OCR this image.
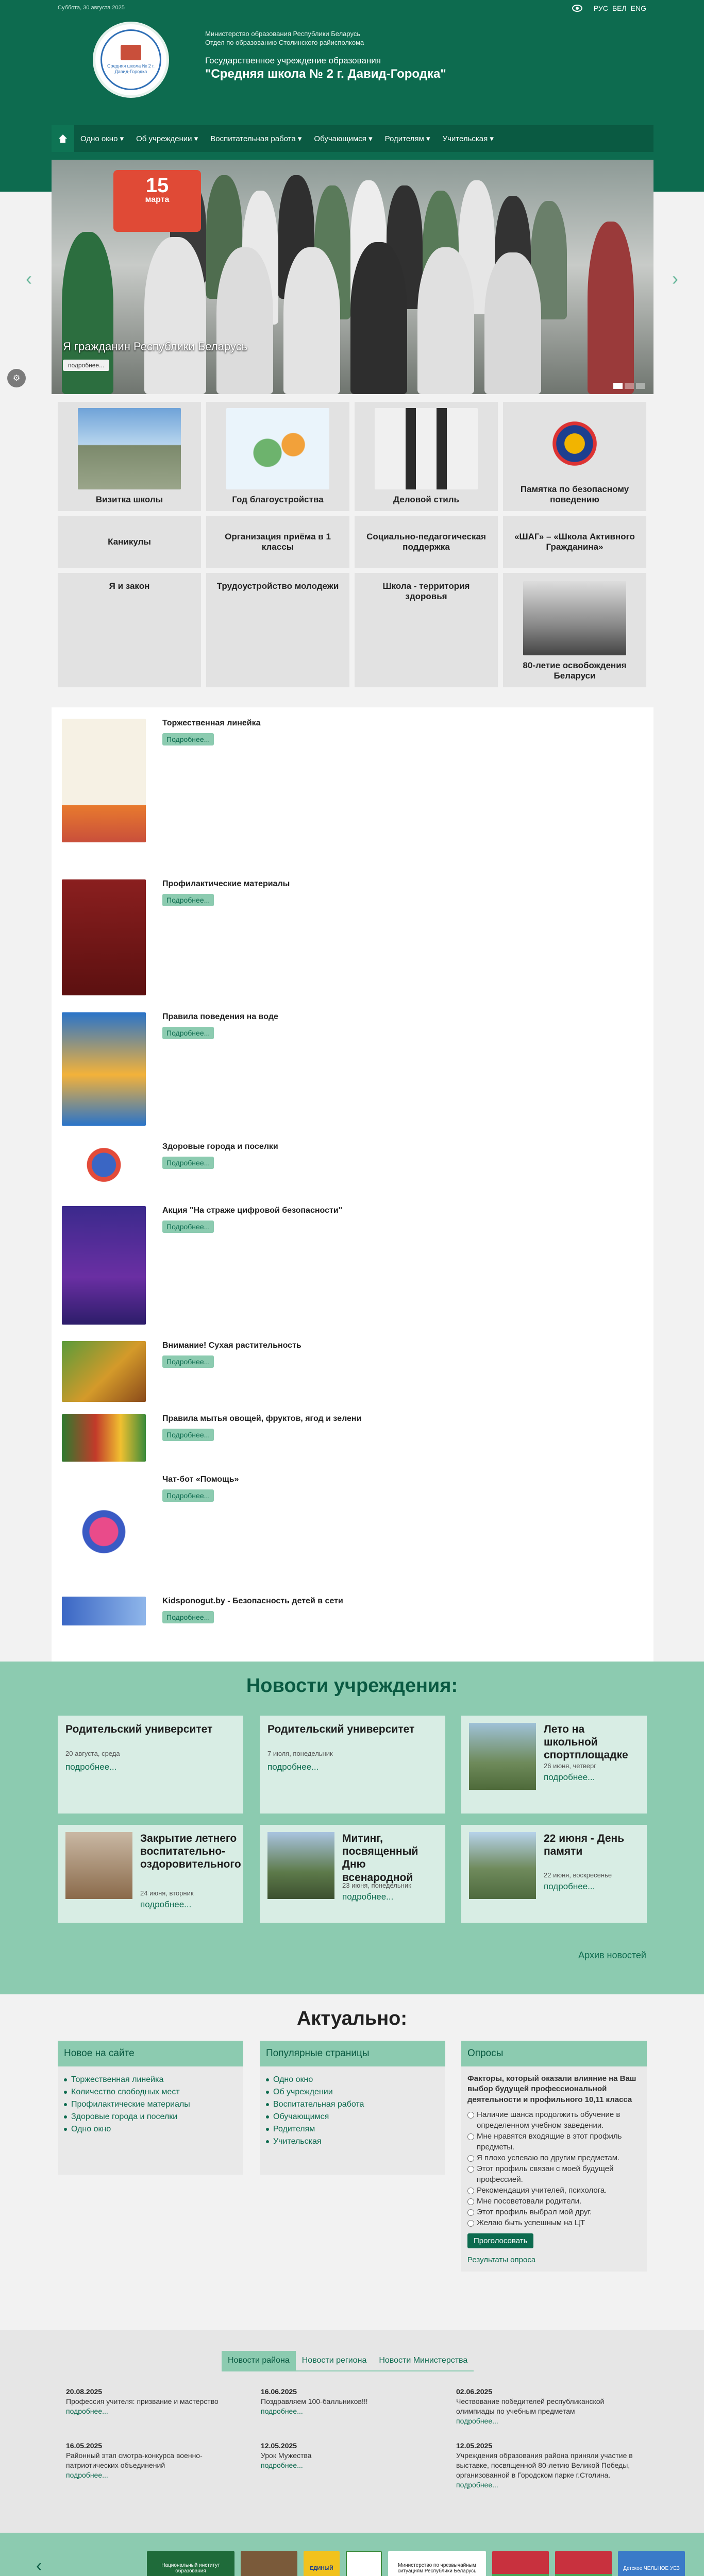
Суббота, 30 августа 2025	РУС БЕЛ ENG
Средняя школа № 2 г. Давид-Городка
Министерство образования Республики Беларусь
Отдел по образованию Столинского райисполкома
Государственное учреждение образования
"Средняя школа № 2 г. Давид-Городка"
Одно окно ▾	Об учреждении ▾	Воспитательная работа ▾	Обучающимся ▾	Родителям ▾	Учительская ▾
⚙
‹	›
15
марта
Я гражданин Республики Беларусь
подробнее...
Визитка школы	Год благоустройства	Деловой стиль
Памятка по безопасному поведению
Каникулы
Организация приёма в 1 классы
Социально-педагогическая поддержка
«ШАГ» – «Школа Активного Гражданина»
Я и закон	Трудоустройство молодежи	Школа - территория здоровья
80-летие освобождения Беларуси
Торжественная линейка
Подробнее...
Профилактические материалы
Подробнее...
Правила поведения на воде
Подробнее...
Здоровые города и поселки
Подробнее...
Акция "На страже цифровой безопасности"
Подробнее...
Внимание! Сухая растительность
Подробнее...
Правила мытья овощей, фруктов, ягод и зелени
Подробнее...
Чат-бот «Помощь»
Подробнее...
Kidsponogut.by - Безопасность детей в сети
Подробнее...
Новости учреждения:
Родительский университет
20 августа, среда
подробнее...
Родительский университет
7 июля, понедельник
подробнее...
Лето на школьной спортплощадке
26 июня, четверг
подробнее...
Закрытие летнего воспитательно-оздоровительного
24 июня, вторник
подробнее...
Митинг, посвященный Дню всенародной
23 июня, понедельник
подробнее...
22 июня - День памяти
22 июня, воскресенье
подробнее...
Архив новостей
Актуально:
Новое на сайте
Торжественная линейка
Количество свободных мест
Профилактические материалы
Здоровые города и поселки
Одно окно
Популярные страницы
Одно окно
Об учреждении
Воспитательная работа
Обучающимся
Родителям
Учительская
Опросы
Факторы, который оказали влияние на Ваш выбор будущей профессиональной деятельности и профильного 10,11 класса
Наличие шанса продолжить обучение в определенном учебном заведении.
Мне нравятся входящие в этот профиль предметы.
Я плохо успеваю по другим предметам.
Этот профиль связан с моей будущей профессией.
Рекомендация учителей, психолога.
Мне посоветовали родители.
Этот профиль выбрал мой друг.
Желаю быть успешным на ЦТ
Проголосовать
Результаты опроса
Новости района	Новости региона	Новости Министерства
20.08.2025
Профессия учителя: призвание и мастерство
подробнее...
16.06.2025
Поздравляем 100-балльников!!!
подробнее...
02.06.2025
Чествование победителей республиканской олимпиады по учебным предметам
подробнее...
16.05.2025
Районный этап смотра-конкурса военно-патриотических объединений
подробнее...
12.05.2025
Урок Мужества
подробнее...
12.05.2025
Учреждения образования района приняли участие в выставке, посвященной 80-летию Великой Победы, организованной в Городском парке г.Столина.
подробнее...
‹	Национальный институт образования	ЕДИНЫЙ	Министерство по чрезвычайным ситуациям Республики Беларусь	Детское ЧЕЛЬНОЕ УЕЗ
